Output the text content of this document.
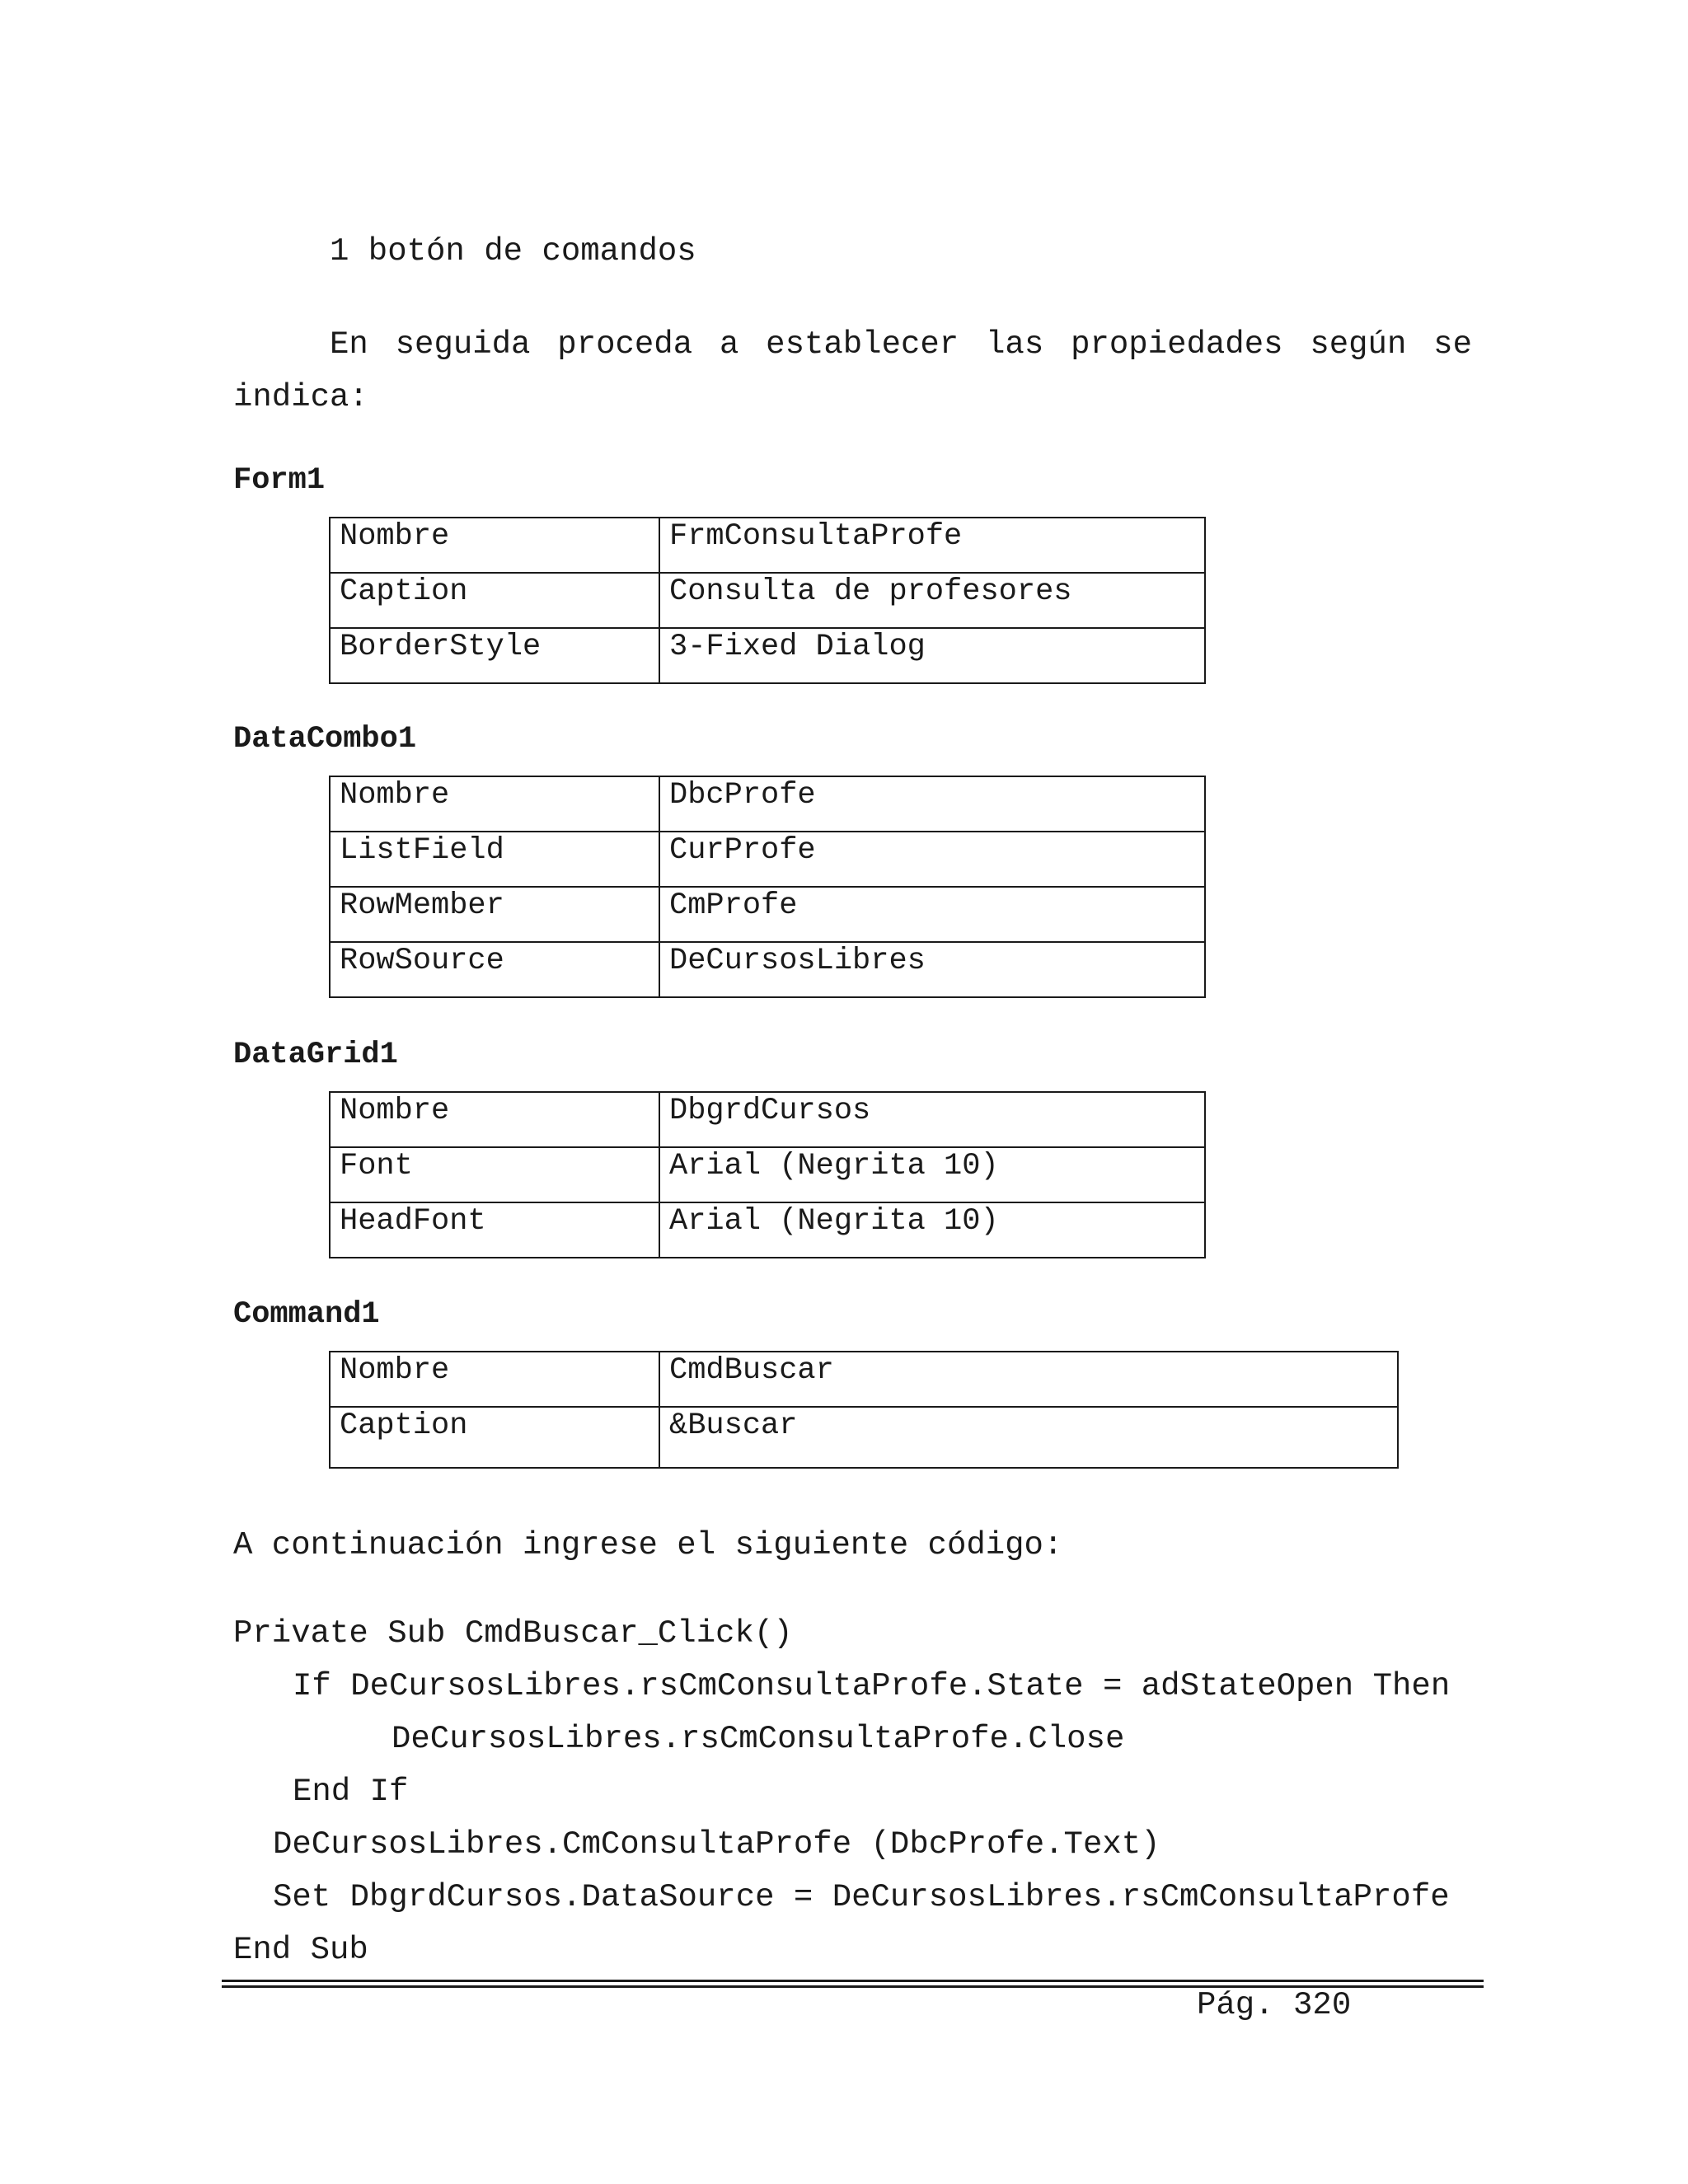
1 botón de comandos
En seguida proceda a establecer las propiedades según se indica:
Form1
Nombre	FrmConsultaProfe
Caption	Consulta de profesores
BorderStyle	3-Fixed Dialog
DataCombo1
Nombre	DbcProfe
ListField	CurProfe
RowMember	CmProfe
RowSource	DeCursosLibres
DataGrid1
Nombre	DbgrdCursos
Font	Arial (Negrita 10)
HeadFont	Arial (Negrita 10)
Command1
Nombre	CmdBuscar
Caption	&Buscar
A continuación ingrese el siguiente código:
Private Sub CmdBuscar_Click()
If DeCursosLibres.rsCmConsultaProfe.State = adStateOpen Then
DeCursosLibres.rsCmConsultaProfe.Close
End If
DeCursosLibres.CmConsultaProfe (DbcProfe.Text)
Set DbgrdCursos.DataSource = DeCursosLibres.rsCmConsultaProfe
End Sub
Pág. 320
